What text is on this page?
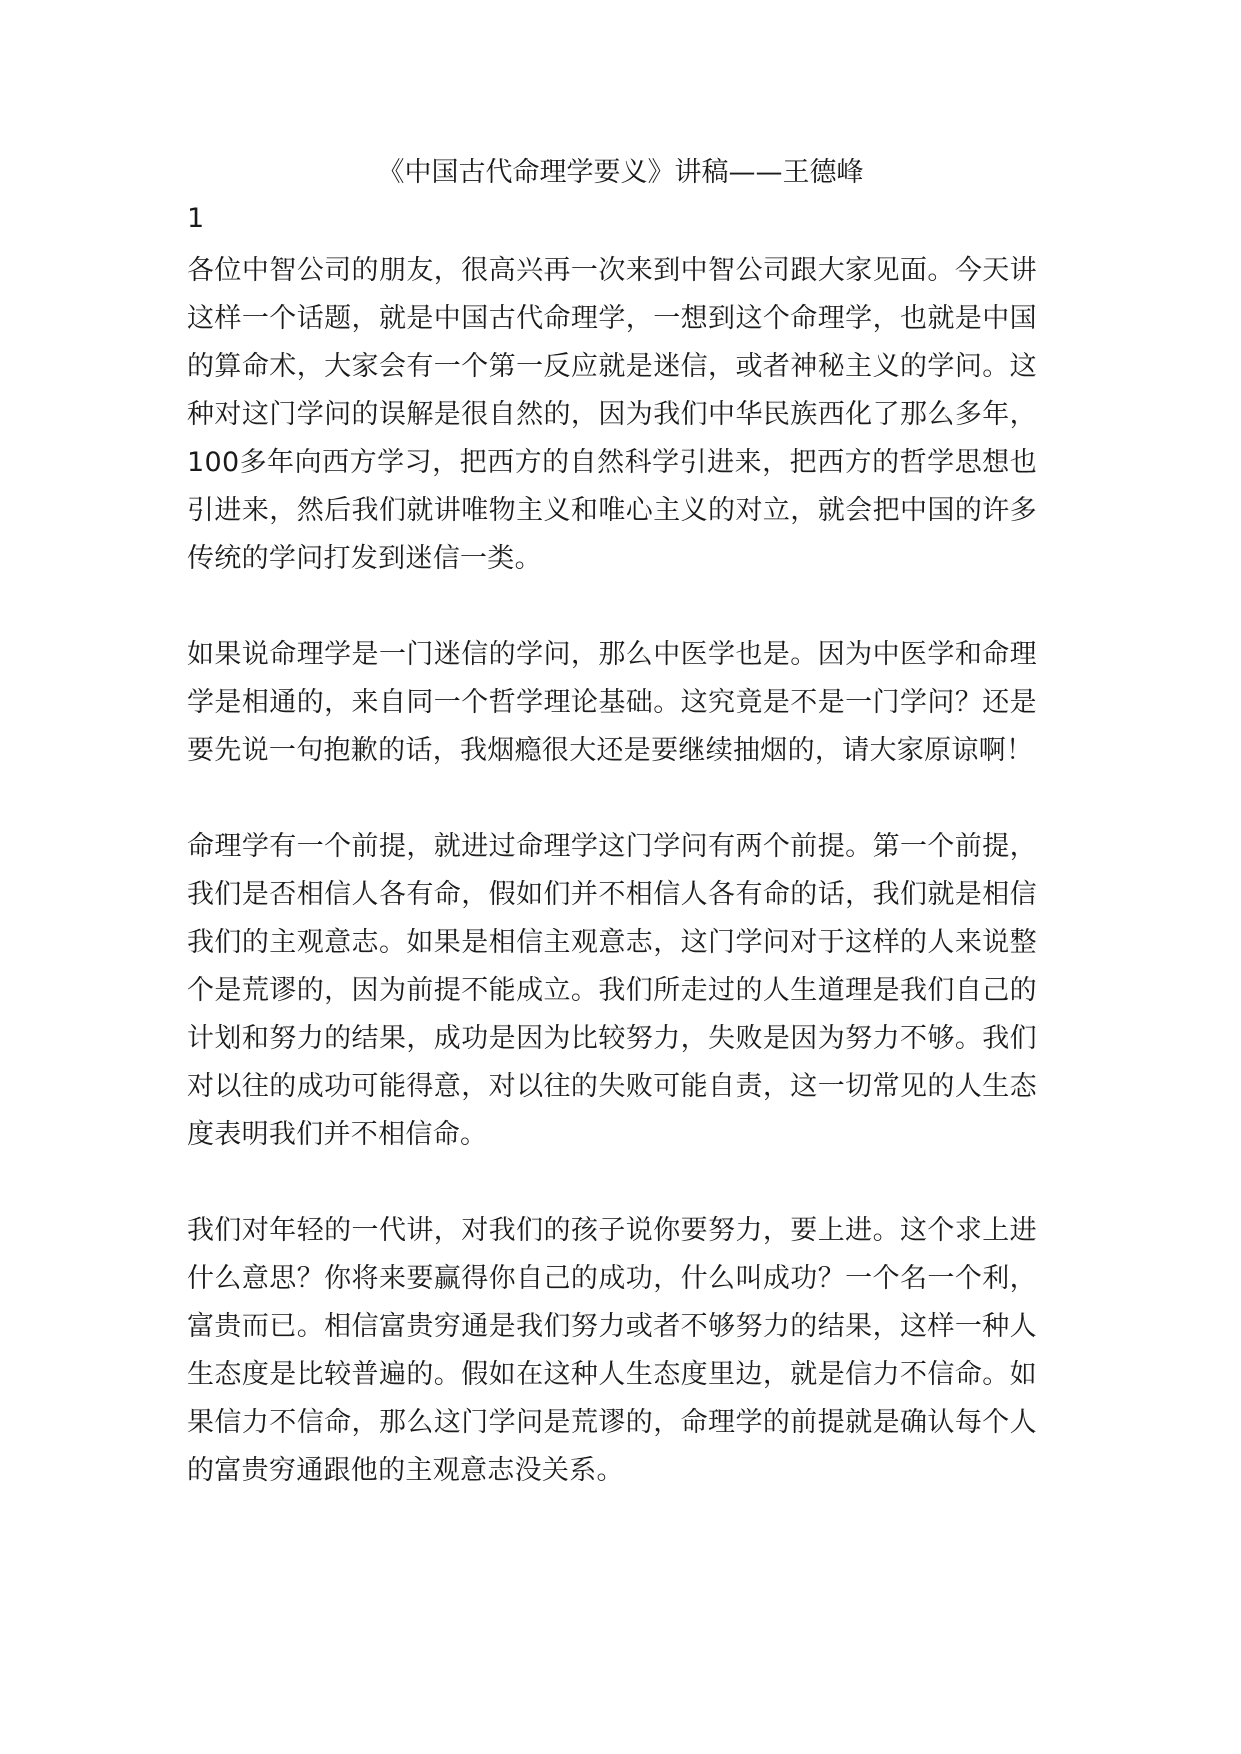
《中国古代命理学要义》讲稿——王德峰
1

各位中智公司的朋友，很高兴再一次来到中智公司跟大家见面。今天讲这样一个话题，就是中国古代命理学，一想到这个命理学，也就是中国的算命术，大家会有一个第一反应就是迷信，或者神秘主义的学问。这种对这门学问的误解是很自然的，因为我们中华民族西化了那么多年，100多年向西方学习，把西方的自然科学引进来，把西方的哲学思想也引进来，然后我们就讲唯物主义和唯心主义的对立，就会把中国的许多传统的学问打发到迷信一类。

如果说命理学是一门迷信的学问，那么中医学也是。因为中医学和命理学是相通的，来自同一个哲学理论基础。这究竟是不是一门学问？还是要先说一句抱歉的话，我烟瘾很大还是要继续抽烟的，请大家原谅啊！

命理学有一个前提，就进过命理学这门学问有两个前提。第一个前提，我们是否相信人各有命，假如们并不相信人各有命的话，我们就是相信我们的主观意志。如果是相信主观意志，这门学问对于这样的人来说整个是荒谬的，因为前提不能成立。我们所走过的人生道理是我们自己的计划和努力的结果，成功是因为比较努力，失败是因为努力不够。我们对以往的成功可能得意，对以往的失败可能自责，这一切常见的人生态度表明我们并不相信命。

我们对年轻的一代讲，对我们的孩子说你要努力，要上进。这个求上进什么意思？你将来要赢得你自己的成功，什么叫成功？一个名一个利，富贵而已。相信富贵穷通是我们努力或者不够努力的结果，这样一种人生态度是比较普遍的。假如在这种人生态度里边，就是信力不信命。如果信力不信命，那么这门学问是荒谬的，命理学的前提就是确认每个人的富贵穷通跟他的主观意志没关系。
